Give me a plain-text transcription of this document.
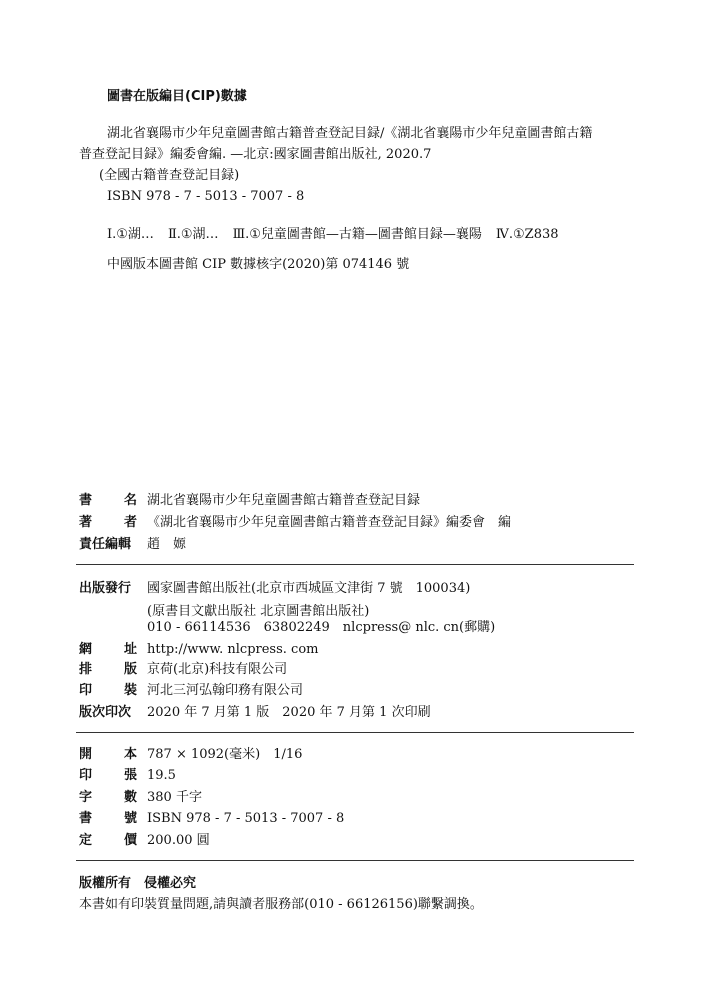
圖書在版編目(CIP)數據
湖北省襄陽市少年兒童圖書館古籍普查登記目録/《湖北省襄陽市少年兒童圖書館古籍
普查登記目録》編委會編. —北京:國家圖書館出版社, 2020.7
(全國古籍普查登記目録)
ISBN 978 - 7 - 5013 - 7007 - 8
Ⅰ.①湖… Ⅱ.①湖… Ⅲ.①兒童圖書館—古籍—圖書館目録—襄陽 Ⅳ.①Z838
中國版本圖書館 CIP 數據核字(2020)第 074146 號
書 名 湖北省襄陽市少年兒童圖書館古籍普查登記目録
著 者 《湖北省襄陽市少年兒童圖書館古籍普查登記目録》編委會　編
責任編輯 趙　嫄
出版發行 國家圖書館出版社(北京市西城區文津街 7 號　100034)
(原書目文獻出版社 北京圖書館出版社)
010 - 66114536　63802249　nlcpress@ nlc. cn(郵購)
網 址 http://www. nlcpress. com
排 版 京荷(北京)科技有限公司
印 裝 河北三河弘翰印務有限公司
版次印次 2020 年 7 月第 1 版　2020 年 7 月第 1 次印刷
開 本 787 × 1092(毫米)　1/16
印 張 19.5
字 數 380 千字
書 號 ISBN 978 - 7 - 5013 - 7007 - 8
定 價 200.00 圓
版權所有　侵權必究
本書如有印裝質量問題,請與讀者服務部(010 - 66126156)聯繫調換。
